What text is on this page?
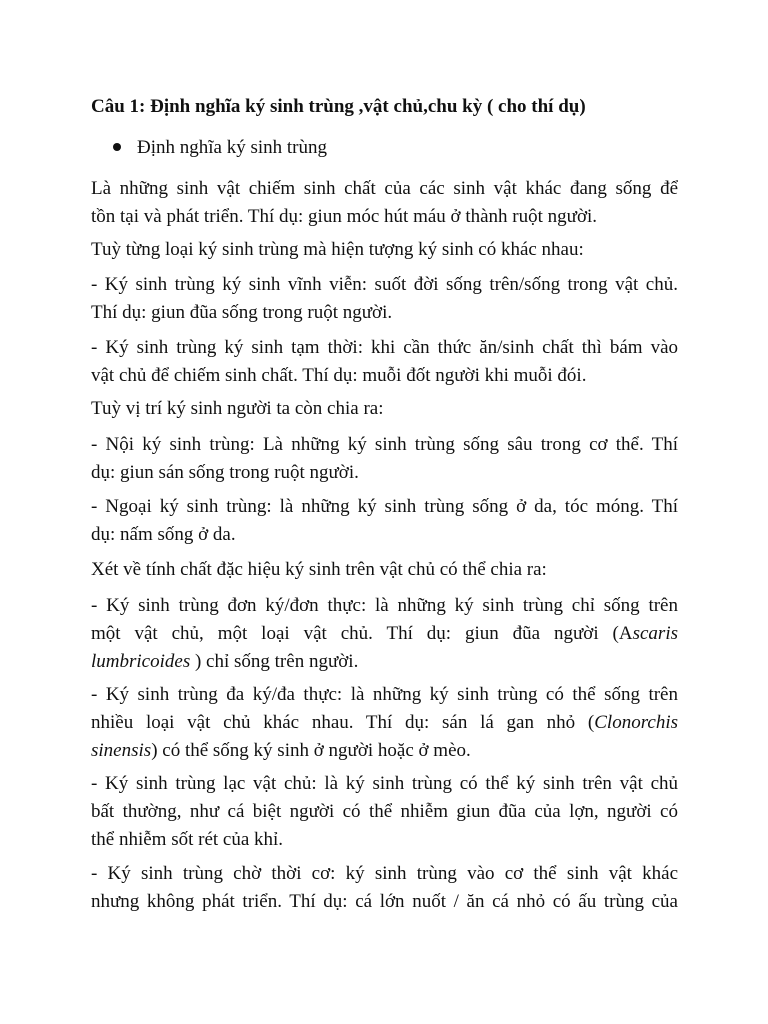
Câu 1: Định nghĩa ký sinh trùng ,vật chủ,chu kỳ ( cho thí dụ)
Định nghĩa ký sinh trùng
Là những sinh vật chiếm sinh chất của các sinh vật khác đang sống để
tồn tại và phát triển. Thí dụ: giun móc hút máu ở thành ruột người.
Tuỳ từng loại ký sinh trùng mà hiện tượng ký sinh có khác nhau:
- Ký sinh trùng ký sinh vĩnh viễn: suốt đời sống trên/sống trong vật chủ.
Thí dụ: giun đũa sống trong ruột người.
- Ký sinh trùng ký sinh tạm thời: khi cần thức ăn/sinh chất thì bám vào
vật chủ để chiếm sinh chất. Thí dụ: muỗi đốt người khi muỗi đói.
Tuỳ vị trí ký sinh người ta còn chia ra:
- Nội ký sinh trùng: Là những ký sinh trùng sống sâu trong cơ thể. Thí
dụ: giun sán sống trong ruột người.
- Ngoại ký sinh trùng: là những ký sinh trùng sống ở da, tóc móng. Thí
dụ: nấm sống ở da.
Xét về tính chất đặc hiệu ký sinh trên vật chủ có thể chia ra:
- Ký sinh trùng đơn ký/đơn thực: là những ký sinh trùng chỉ sống trên
một vật chủ, một loại vật chủ. Thí dụ: giun đũa người (Ascaris
lumbricoides ) chỉ sống trên người.
- Ký sinh trùng đa ký/đa thực: là những ký sinh trùng có thể sống trên
nhiều loại vật chủ khác nhau. Thí dụ: sán lá gan nhỏ (Clonorchis
sinensis) có thể sống ký sinh ở người hoặc ở mèo.
- Ký sinh trùng lạc vật chủ: là ký sinh trùng có thể ký sinh trên vật chủ
bất thường, như cá biệt người có thể nhiễm giun đũa của lợn, người có
thể nhiễm sốt rét của khỉ.
- Ký sinh trùng chờ thời cơ: ký sinh trùng vào cơ thể sinh vật khác
nhưng không phát triển. Thí dụ: cá lớn nuốt / ăn cá nhỏ có ấu trùng của
